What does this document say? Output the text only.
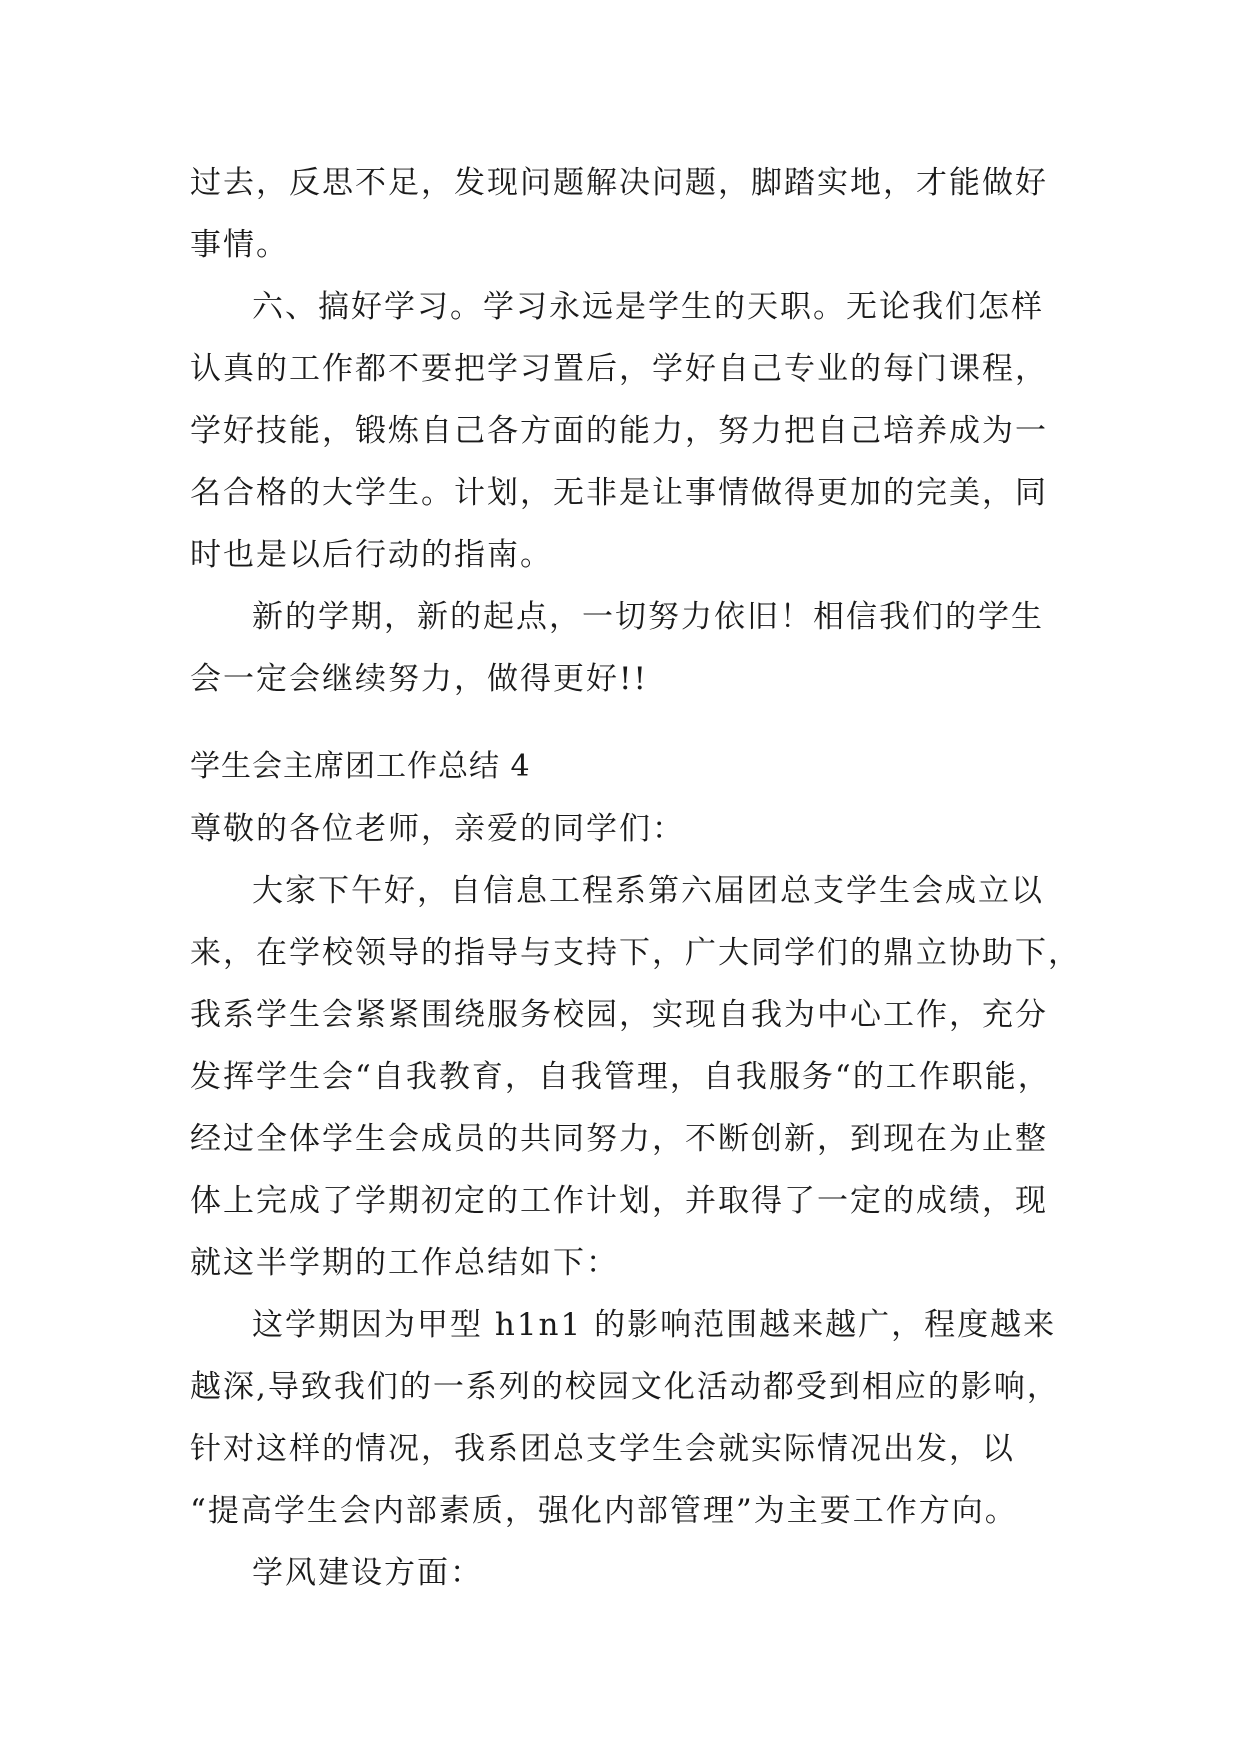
过去，反思不足，发现问题解决问题，脚踏实地，才能做好
事情。
六、搞好学习。学习永远是学生的天职。无论我们怎样
认真的工作都不要把学习置后，学好自己专业的每门课程，
学好技能，锻炼自己各方面的能力，努力把自己培养成为一
名合格的大学生。计划，无非是让事情做得更加的完美，同
时也是以后行动的指南。
新的学期，新的起点，一切努力依旧！相信我们的学生
会一定会继续努力，做得更好!!
学生会主席团工作总结 4
尊敬的各位老师，亲爱的同学们：
大家下午好，自信息工程系第六届团总支学生会成立以
来，在学校领导的指导与支持下，广大同学们的鼎立协助下，
我系学生会紧紧围绕服务校园，实现自我为中心工作，充分
发挥学生会“自我教育，自我管理，自我服务“的工作职能，
经过全体学生会成员的共同努力，不断创新，到现在为止整
体上完成了学期初定的工作计划，并取得了一定的成绩，现
就这半学期的工作总结如下：
这学期因为甲型 h1n1 的影响范围越来越广，程度越来
越深,导致我们的一系列的校园文化活动都受到相应的影响，
针对这样的情况，我系团总支学生会就实际情况出发，以
“提高学生会内部素质，强化内部管理”为主要工作方向。
学风建设方面：
